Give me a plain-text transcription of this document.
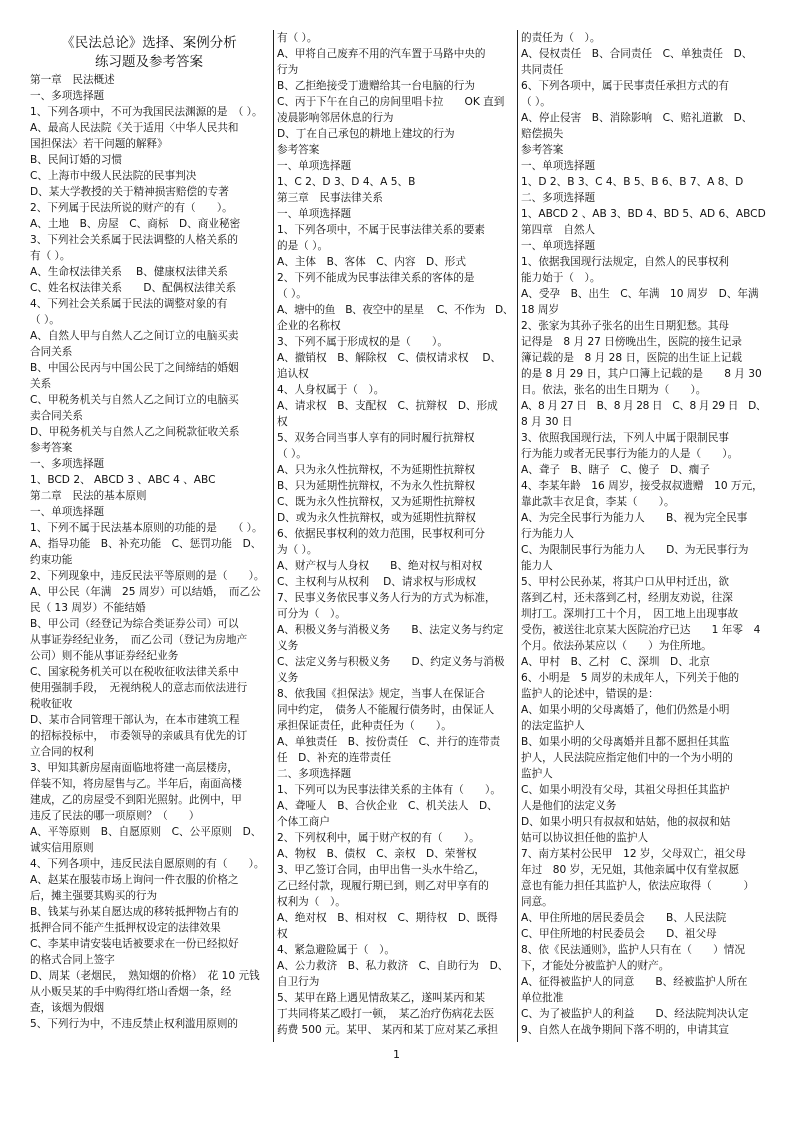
《民法总论》选择、案例分析
练习题及参考答案
第一章　民法概述
一、多项选择题
1、下列各项中，不可为我国民法渊源的是　（ ）。
A、最高人民法院《关于适用〈中华人民共和
国担保法〉若干问题的解释》
B、民间订婚的习惯
C、上海市中级人民法院的民事判决
D、某大学教授的关于精神损害赔偿的专著
2、下列属于民法所说的财产的有（　　）。
A、土地　B、房屋　C、商标　D、商业秘密
3、下列社会关系属于民法调整的人格关系的
有（ ）。
A、生命权法律关系　 B、健康权法律关系
C、姓名权法律关系　　D、配偶权法律关系
4、下列社会关系属于民法的调整对象的有
（ ）。
A、自然人甲与自然人乙之间订立的电脑买卖
合同关系
B、中国公民丙与中国公民丁之间缔结的婚姻
关系
C、甲税务机关与自然人乙之间订立的电脑买
卖合同关系
D、甲税务机关与自然人乙之间税款征收关系
参考答案
一、多项选择题
1、BCD 2、 ABCD 3 、ABC 4 、ABC
第二章　民法的基本原则
一、单项选择题
1、下列不属于民法基本原则的功能的是　　（ ）。
A、指导功能　B、补充功能　C、惩罚功能　D、
约束功能
2、下列现象中，违反民法平等原则的是（　　）。
A、甲公民（年满　25 周岁）可以结婚，　而乙公
民（ 13 周岁）不能结婚
B、甲公司（经登记为综合类证券公司）可以
从事证券经纪业务，　而乙公司（登记为房地产
公司）则不能从事证券经纪业务
C、国家税务机关可以在税收征收法律关系中
使用强制手段，　无视纳税人的意志而依法进行
税收征收
D、某市合同管理干部认为，在本市建筑工程
的招标投标中，　市委领导的亲戚具有优先的订
立合同的权利
3、甲知其新房屋南面临地将建一高层楼房，
佯装不知，将房屋售与乙。半年后，南面高楼
建成，乙的房屋受不到阳光照射。此例中，甲
违反了民法的哪一项原则？（　　）
A、平等原则　B、自愿原则　C、公平原则　D、
诚实信用原则
4、下列各项中，违反民法自愿原则的有（　　）。
A、赵某在服装市场上询问一件衣服的价格之
后，摊主强要其购买的行为
B、钱某与孙某自愿达成的移转抵押物占有的
抵押合同不能产生抵押权设定的法律效果
C、李某申请安装电话被要求在一份已经拟好
的格式合同上签字
D、周某（老烟民，　熟知烟的价格）　花 10 元钱
从小贩吴某的手中购得红塔山香烟一条，经
查，该烟为假烟
5、下列行为中，不违反禁止权利滥用原则的
有（ ）。
A、甲将自己废弃不用的汽车置于马路中央的
行为
B、乙拒绝接受丁遗赠给其一台电脑的行为
C、丙于下午在自己的房间里唱卡拉　　OK 直到
凌晨影响邻居休息的行为
D、丁在自己承包的耕地上建坟的行为
参考答案
一、单项选择题
1、C 2、D 3、D 4、A 5、B
第三章　民事法律关系
一、单项选择题
1、下列各项中，不属于民事法律关系的要素
的是（ ）。
A、主体　B、客体　C、内容　D、形式
2、下列不能成为民事法律关系的客体的是
（ ）。
A、塘中的鱼　B、夜空中的星星　 C、不作为　D、
企业的名称权
3、下列不属于形成权的是（　　）。
A、撤销权　B、解除权　C、债权请求权　 D、
追认权
4、人身权属于（　）。
A、请求权　B、支配权　C、抗辩权　D、形成
权
5、双务合同当事人享有的同时履行抗辩权
（ ）。
A、只为永久性抗辩权，不为延期性抗辩权
B、只为延期性抗辩权，不为永久性抗辩权
C、既为永久性抗辩权，又为延期性抗辩权
D、或为永久性抗辩权，或为延期性抗辩权
6、依据民事权利的效力范围，民事权利可分
为（ ）。
A、财产权与人身权　　B、绝对权与相对权
C、主权利与从权利　 D、请求权与形成权
7、民事义务依民事义务人行为的方式为标准，
可分为（　）。
A、积极义务与消极义务　　B、法定义务与约定
义务
C、法定义务与积极义务　　D、约定义务与消极
义务
8、依我国《担保法》规定，当事人在保证合
同中约定，　债务人不能履行债务时，由保证人
承担保证责任，此种责任为（　　）。
A、单独责任　B、按份责任　C、并行的连带责
任　D、补充的连带责任
二、多项选择题
1、下列可以为民事法律关系的主体有（　　）。
A、聋哑人　B、合伙企业　C、机关法人　D、
个体工商户
2、下列权利中，属于财产权的有（　　）。
A、物权　B、债权　C、亲权　D、荣誉权
3、甲乙签订合同，由甲出售一头水牛给乙，
乙已经付款，现履行期已到，则乙对甲享有的
权利为（　）。
A、绝对权　B、相对权　C、期待权　D、既得
权
4、紧急避险属于（　）。
A、公力救济　B、私力救济　C、自助行为　D、
自卫行为
5、某甲在路上遇见情敌某乙，遂叫某丙和某
丁共同将某乙殴打一顿，　某乙治疗伤病花去医
药费 500 元。某甲、 某丙和某丁应对某乙承担
的责任为（　）。
A、侵权责任　B、合同责任　C、单独责任　D、
共同责任
6、下列各项中，属于民事责任承担方式的有
（ ）。
A、停止侵害　B、消除影响　C、赔礼道歉　D、
赔偿损失
参考答案
一、单项选择题
1、D 2、B 3、C 4、B 5、B 6、B 7、A 8、D
二、多项选择题
1、ABCD 2 、AB 3、BD 4、BD 5、AD 6、ABCD
第四章　自然人
一、单项选择题
1、依据我国现行法规定，自然人的民事权利
能力始于（　）。
A、受孕　B、出生　C、年满　10 周岁　D、年满
18 周岁
2、张家为其孙子张名的出生日期犯愁。其母
记得是　8 月 27 日傍晚出生，医院的接生记录
簿记载的是　8 月 28 日，医院的出生证上记载
的是 8 月 29 日，其户口簿上记载的是　　8 月 30
日。依法，张名的出生日期为（　　）。
A、8 月 27 日　B、8 月 28 日　C、8 月 29 日　D、
8 月 30 日
3、依照我国现行法，下列人中属于限制民事
行为能力或者无民事行为能力的人是（　　）。
A、聋子　B、瞎子　C、傻子　D、瘸子
4、李某年龄　16 周岁，接受叔叔遗赠　10 万元，
靠此款丰衣足食，李某（　　）。
A、为完全民事行为能力人　　B、视为完全民事
行为能力人
C、为限制民事行为能力人　　D、为无民事行为
能力人
5、甲村公民孙某，将其户口从甲村迁出，欲
落到乙村，还未落到乙村，经朋友劝说，往深
圳打工。深圳打工十个月，　因工地上出现事故
受伤，被送往北京某大医院治疗已达　　1 年零　4
个月。依法孙某应以（　　）为住所地。
A、甲村　B、乙村　C、深圳　D、北京
6、小明是　5 周岁的未成年人，下列关于他的
监护人的论述中，错误的是：
A、如果小明的父母离婚了，他们仍然是小明
的法定监护人
B、如果小明的父母离婚并且都不愿担任其监
护人，人民法院应指定他们中的一个为小明的
监护人
C、如果小明没有父母，其祖父母担任其监护
人是他们的法定义务
D、如果小明只有叔叔和姑姑，他的叔叔和姑
姑可以协议担任他的监护人
7、南方某村公民甲　12 岁，父母双亡，祖父母
年过　80 岁，无兄姐，其他亲属中仅有堂叔愿
意也有能力担任其监护人，依法应取得（　　　）
同意。
A、甲住所地的居民委员会　　B、人民法院
C、甲住所地的村民委员会　　D、祖父母
8、依《民法通则》，监护人只有在（　　）情况
下，才能处分被监护人的财产。
A、征得被监护人的同意　　B、经被监护人所在
单位批准
C、为了被监护人的利益　　D、经法院判决认定
9、自然人在战争期间下落不明的，申请其宣
1
